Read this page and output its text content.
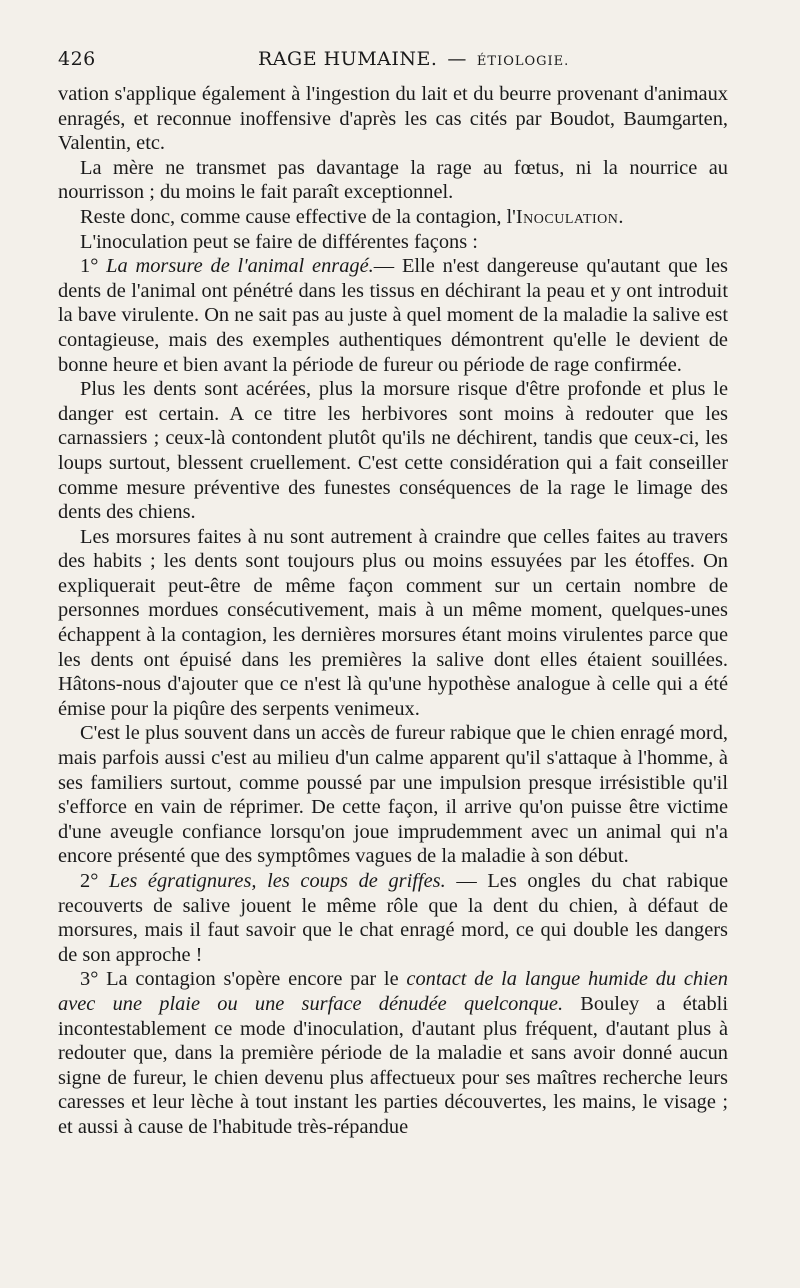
426	RAGE HUMAINE. — ÉTIOLOGIE.

vation s'applique également à l'ingestion du lait et du beurre provenant d'animaux enragés, et reconnue inoffensive d'après les cas cités par Boudot, Baumgarten, Valentin, etc.

La mère ne transmet pas davantage la rage au fœtus, ni la nourrice au nourrisson ; du moins le fait paraît exceptionnel.

Reste donc, comme cause effective de la contagion, l'Inoculation.

L'inoculation peut se faire de différentes façons :

1° La morsure de l'animal enragé.— Elle n'est dangereuse qu'autant que les dents de l'animal ont pénétré dans les tissus en déchirant la peau et y ont introduit la bave virulente. On ne sait pas au juste à quel moment de la maladie la salive est contagieuse, mais des exemples authentiques démontrent qu'elle le devient de bonne heure et bien avant la période de fureur ou période de rage confirmée.

Plus les dents sont acérées, plus la morsure risque d'être profonde et plus le danger est certain. A ce titre les herbivores sont moins à redouter que les carnassiers ; ceux-là contondent plutôt qu'ils ne déchirent, tandis que ceux-ci, les loups surtout, blessent cruellement. C'est cette considération qui a fait conseiller comme mesure préventive des funestes conséquences de la rage le limage des dents des chiens.

Les morsures faites à nu sont autrement à craindre que celles faites au travers des habits ; les dents sont toujours plus ou moins essuyées par les étoffes. On expliquerait peut-être de même façon comment sur un certain nombre de personnes mordues consécutivement, mais à un même moment, quelques-unes échappent à la contagion, les dernières morsures étant moins virulentes parce que les dents ont épuisé dans les premières la salive dont elles étaient souillées. Hâtons-nous d'ajouter que ce n'est là qu'une hypothèse analogue à celle qui a été émise pour la piqûre des serpents venimeux.

C'est le plus souvent dans un accès de fureur rabique que le chien enragé mord, mais parfois aussi c'est au milieu d'un calme apparent qu'il s'attaque à l'homme, à ses familiers surtout, comme poussé par une impulsion presque irrésistible qu'il s'efforce en vain de réprimer. De cette façon, il arrive qu'on puisse être victime d'une aveugle confiance lorsqu'on joue imprudemment avec un animal qui n'a encore présenté que des symptômes vagues de la maladie à son début.

2° Les égratignures, les coups de griffes. — Les ongles du chat rabique recouverts de salive jouent le même rôle que la dent du chien, à défaut de morsures, mais il faut savoir que le chat enragé mord, ce qui double les dangers de son approche !

3° La contagion s'opère encore par le contact de la langue humide du chien avec une plaie ou une surface dénudée quelconque. Bouley a établi incontestablement ce mode d'inoculation, d'autant plus fréquent, d'autant plus à redouter que, dans la première période de la maladie et sans avoir donné aucun signe de fureur, le chien devenu plus affectueux pour ses maîtres recherche leurs caresses et leur lèche à tout instant les parties découvertes, les mains, le visage ; et aussi à cause de l'habitude très-répandue
